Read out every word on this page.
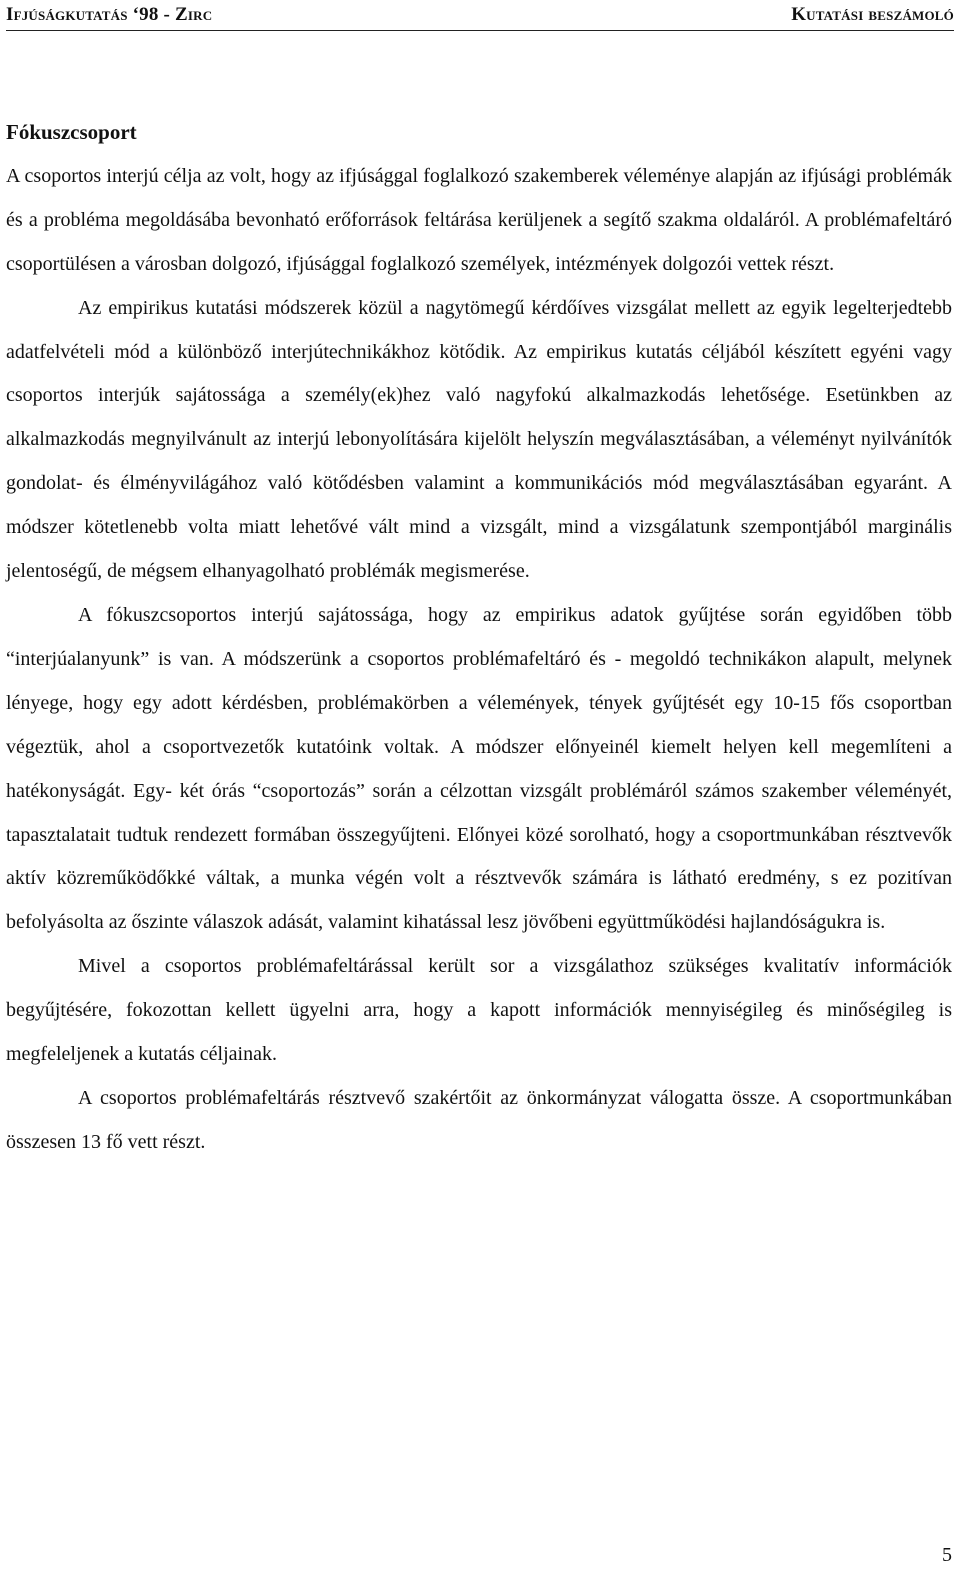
Ifjúságkutatás ‘98 - Zirc	Kutatási beszámoló

Fókuszcsoport

A csoportos interjú célja az volt, hogy az ifjúsággal foglalkozó szakemberek véleménye alapján az ifjúsági problémák és a probléma megoldásába bevonható erőforrások feltárása kerüljenek a segítő szakma oldaláról. A problémafeltáró csoportülésen a városban dolgozó, ifjúsággal foglalkozó személyek, intézmények dolgozói vettek részt.

Az empirikus kutatási módszerek közül a nagytömegű kérdőíves vizsgálat mellett az egyik legelterjedtebb adatfelvételi mód a különböző interjútechnikákhoz kötődik. Az empirikus kutatás céljából készített egyéni vagy csoportos interjúk sajátossága a személy(ek)hez való nagyfokú alkalmazkodás lehetősége. Esetünkben az alkalmazkodás megnyilvánult az interjú lebonyolítására kijelölt helyszín megválasztásában, a véleményt nyilvánítók gondolat- és élményvilágához való kötődésben valamint a kommunikációs mód megválasztásában egyaránt. A módszer kötetlenebb volta miatt lehetővé vált mind a vizsgált, mind a vizsgálatunk szempontjából marginális jelentoségű, de mégsem elhanyagolható problémák megismerése.

A fókuszcsoportos interjú sajátossága, hogy az empirikus adatok gyűjtése során egyidőben több “interjúalanyunk” is van. A módszerünk a csoportos problémafeltáró és - megoldó technikákon alapult, melynek lényege, hogy egy adott kérdésben, problémakörben a vélemények, tények gyűjtését egy 10-15 fős csoportban végeztük, ahol a csoportvezetők kutatóink voltak. A módszer előnyeinél kiemelt helyen kell megemlíteni a hatékonyságát. Egy- két órás “csoportozás” során a célzottan vizsgált problémáról számos szakember véleményét, tapasztalatait tudtuk rendezett formában összegyűjteni. Előnyei közé sorolható, hogy a csoportmunkában résztvevők aktív közreműködőkké váltak, a munka végén volt a résztvevők számára is látható eredmény, s ez pozitívan befolyásolta az őszinte válaszok adását, valamint kihatással lesz jövőbeni együttműködési hajlandóságukra is.

Mivel a csoportos problémafeltárással került sor a vizsgálathoz szükséges kvalitatív információk begyűjtésére, fokozottan kellett ügyelni arra, hogy a kapott információk mennyiségileg és minőségileg is megfeleljenek a kutatás céljainak.

A csoportos problémafeltárás résztvevő szakértőit az önkormányzat válogatta össze. A csoportmunkában összesen 13 fő vett részt.

5
